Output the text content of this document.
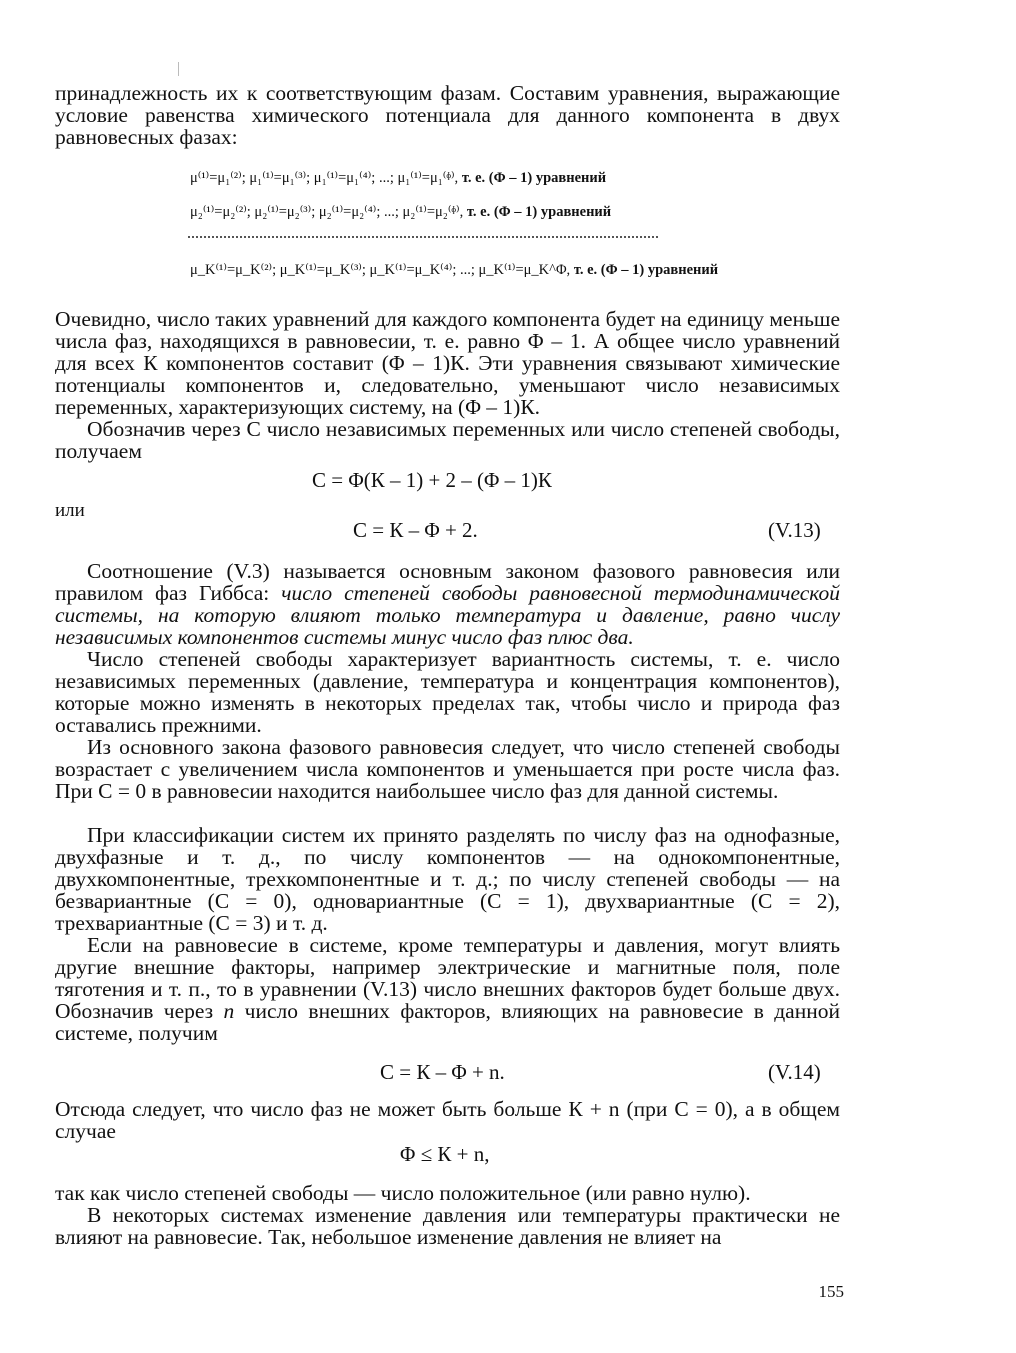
принадлежность их к соответствующим фазам. Составим уравнения, выражающие условие равенства химического потенциала для данного компонента в двух равновесных фазах:

μ⁽¹⁾=μ₁⁽²⁾; μ₁⁽¹⁾=μ₁⁽³⁾; μ₁⁽¹⁾=μ₁⁽⁴⁾; ...; μ₁⁽¹⁾=μ₁⁽ᶲ⁾, т. е. (Φ – 1) уравнений
μ₂⁽¹⁾=μ₂⁽²⁾; μ₂⁽¹⁾=μ₂⁽³⁾; μ₂⁽¹⁾=μ₂⁽⁴⁾; ...; μ₂⁽¹⁾=μ₂⁽ᶲ⁾, т. е. (Φ – 1) уравнений
μ_K⁽¹⁾=μ_K⁽²⁾; μ_K⁽¹⁾=μ_K⁽³⁾; μ_K⁽¹⁾=μ_K⁽⁴⁾; ...; μ_K⁽¹⁾=μ_K^Φ, т. е. (Φ – 1) уравнений

Очевидно, число таких уравнений для каждого компонента будет на единицу меньше числа фаз, находящихся в равновесии, т. е. равно Φ – 1. А общее число уравнений для всех К компонентов составит (Φ – 1)К. Эти уравнения связывают химические потенциалы компонентов и, следовательно, уменьшают число независимых переменных, характеризующих систему, на (Φ – 1)К.

Обозначив через С число независимых переменных или число степеней свободы, получаем

С = Φ(К – 1) + 2 – (Φ – 1)К
или
С = К – Φ + 2.	(V.13)

Соотношение (V.3) называется основным законом фазового равновесия или правилом фаз Гиббса: число степеней свободы равновесной термодинамической системы, на которую влияют только температура и давление, равно числу независимых компонентов системы минус число фаз плюс два.

Число степеней свободы характеризует вариантность системы, т. е. число независимых переменных (давление, температура и концентрация компонентов), которые можно изменять в некоторых пределах так, чтобы число и природа фаз оставались прежними.

Из основного закона фазового равновесия следует, что число степеней свободы возрастает с увеличением числа компонентов и уменьшается при росте числа фаз. При С = 0 в равновесии находится наибольшее число фаз для данной системы.

При классификации систем их принято разделять по числу фаз на однофазные, двухфазные и т. д., по числу компонентов — на однокомпонентные, двухкомпонентные, трехкомпонентные и т. д.; по числу степеней свободы — на безвариантные (С = 0), одновариантные (С = 1), двухвариантные (С = 2), трехвариантные (С = 3) и т. д.

Если на равновесие в системе, кроме температуры и давления, могут влиять другие внешние факторы, например электрические и магнитные поля, поле тяготения и т. п., то в уравнении (V.13) число внешних факторов будет больше двух. Обозначив через n число внешних факторов, влияющих на равновесие в данной системе, получим

С = К – Φ + n.	(V.14)

Отсюда следует, что число фаз не может быть больше К + n (при С = 0), а в общем случае

Φ ≤ К + n,

так как число степеней свободы — число положительное (или равно нулю).

В некоторых системах изменение давления или температуры практически не влияют на равновесие. Так, небольшое изменение давления не влияет на

155
